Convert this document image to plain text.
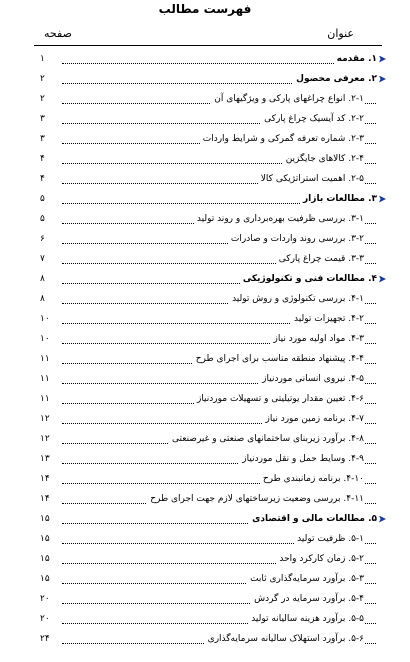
فهرست مطالب
عنوان
صفحه
۱. مقدمه
۱
۲. معرفی محصول
۲
۲-۱. انواع چراغهای پارکی و ویژگیهای آن
۲
۲-۲. کد آیسیک چراغ پارکی
۳
۲-۳. شماره تعرفه گمرکی و شرایط واردات
۳
۲-۴. کالاهای جایگزین
۴
۲-۵. اهمیت استراتژیکی کالا
۴
۳. مطالعات بازار
۵
۳-۱. بررسی ظرفیت بهره‌برداری و روند تولید
۵
۳-۲. بررسی روند واردات و صادرات
۶
۳-۳. قیمت چراغ پارکی
۷
۴. مطالعات فنی و تکنولوژیکی
۸
۴-۱. بررسی تکنولوژی و روش تولید
۸
۴-۲. تجهیزات تولید
۱۰
۴-۳. مواد اولیه مورد نیاز
۱۰
۴-۴. پیشنهاد منطقه مناسب برای اجرای طرح
۱۱
۴-۵. نیروی انسانی موردنیاز
۱۱
۴-۶. تعیین مقدار یوتیلیتی و تسهیلات موردنیاز
۱۱
۴-۷. برنامه زمین مورد نیاز
۱۲
۴-۸. برآورد زیربنای ساختمانهای صنعتی و غیرصنعتی
۱۲
۴-۹. وسایط حمل و نقل موردنیاز
۱۳
۴-۱۰. برنامه زمانبندی طرح
۱۴
۴-۱۱. بررسی وضعیت زیرساختهای لازم جهت اجرای طرح
۱۴
۵. مطالعات مالی و اقتصادی
۱۵
۵-۱. ظرفیت تولید
۱۵
۵-۲. زمان کارکرد واحد
۱۵
۵-۳. برآورد سرمایه‌گذاری ثابت
۱۵
۵-۴. برآورد سرمایه در گردش
۲۰
۵-۵. برآورد هزینه سالیانه تولید
۲۰
۵-۶. برآورد استهلاک سالیانه سرمایه‌گذاری
۲۴
